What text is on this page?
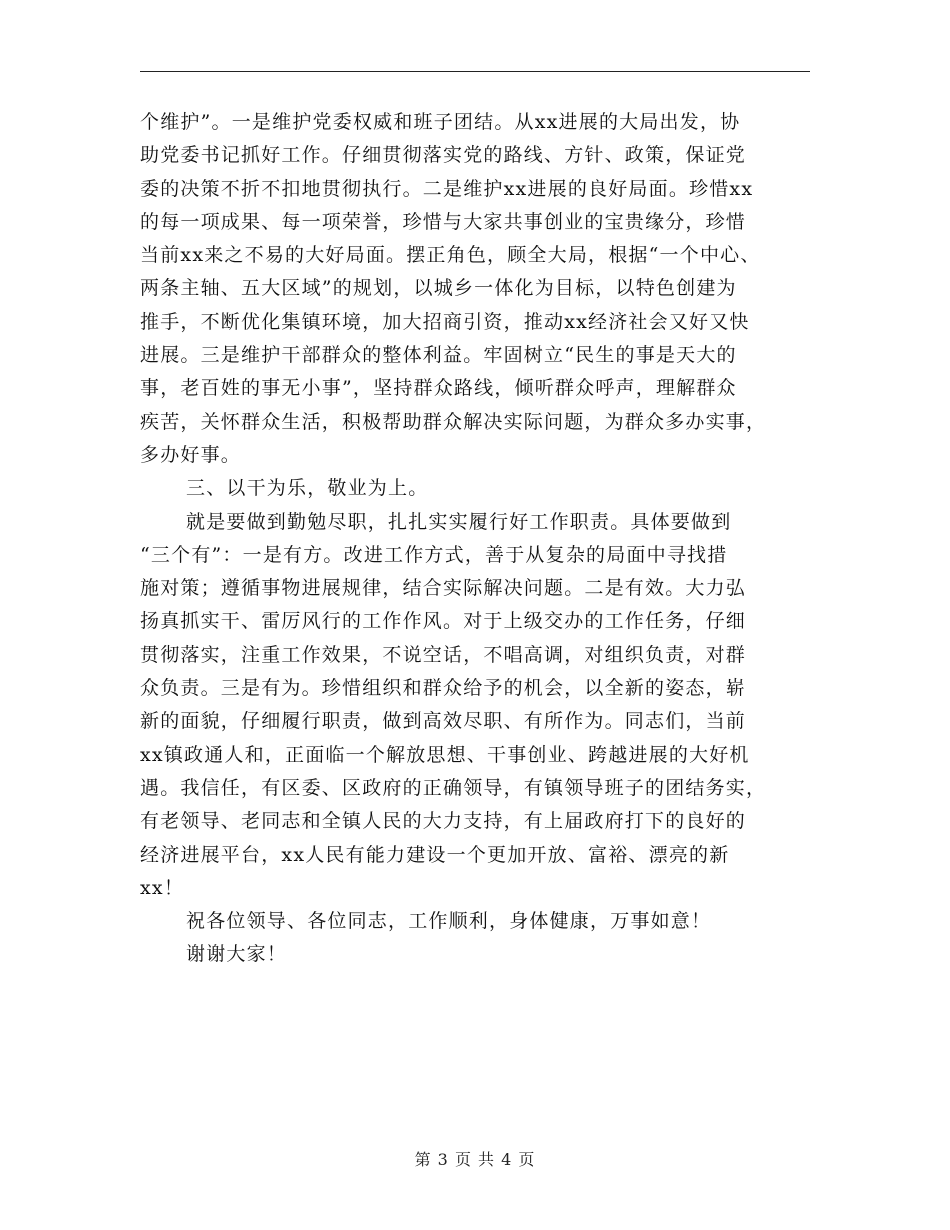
个维护”。一是维护党委权威和班子团结。从xx进展的大局出发，协
助党委书记抓好工作。仔细贯彻落实党的路线、方针、政策，保证党
委的决策不折不扣地贯彻执行。二是维护xx进展的良好局面。珍惜xx
的每一项成果、每一项荣誉，珍惜与大家共事创业的宝贵缘分，珍惜
当前xx来之不易的大好局面。摆正角色，顾全大局，根据“一个中心、
两条主轴、五大区域”的规划，以城乡一体化为目标，以特色创建为
推手，不断优化集镇环境，加大招商引资，推动xx经济社会又好又快
进展。三是维护干部群众的整体利益。牢固树立“民生的事是天大的
事，老百姓的事无小事”，坚持群众路线，倾听群众呼声，理解群众
疾苦，关怀群众生活，积极帮助群众解决实际问题，为群众多办实事，
多办好事。
三、以干为乐，敬业为上。
就是要做到勤勉尽职，扎扎实实履行好工作职责。具体要做到
“三个有”：一是有方。改进工作方式，善于从复杂的局面中寻找措
施对策；遵循事物进展规律，结合实际解决问题。二是有效。大力弘
扬真抓实干、雷厉风行的工作作风。对于上级交办的工作任务，仔细
贯彻落实，注重工作效果，不说空话，不唱高调，对组织负责，对群
众负责。三是有为。珍惜组织和群众给予的机会，以全新的姿态，崭
新的面貌，仔细履行职责，做到高效尽职、有所作为。同志们，当前
xx镇政通人和，正面临一个解放思想、干事创业、跨越进展的大好机
遇。我信任，有区委、区政府的正确领导，有镇领导班子的团结务实，
有老领导、老同志和全镇人民的大力支持，有上届政府打下的良好的
经济进展平台，xx人民有能力建设一个更加开放、富裕、漂亮的新
xx！
祝各位领导、各位同志，工作顺利，身体健康，万事如意！
谢谢大家！
第 3 页 共 4 页
